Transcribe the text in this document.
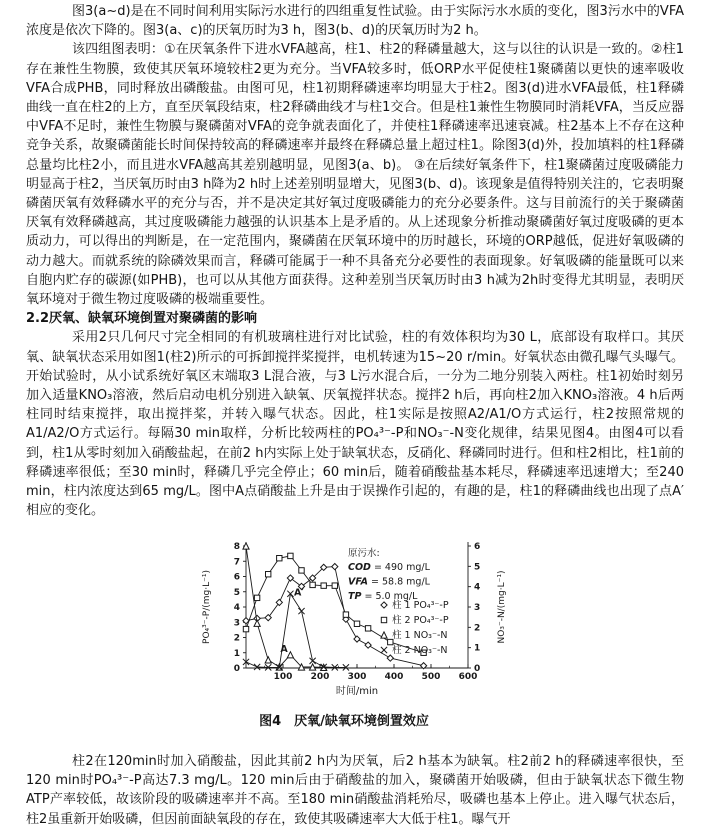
图3(a~d)是在不同时间利用实际污水进行的四组重复性试验。由于实际污水水质的变化，图3污水中的VFA浓度是依次下降的。图3(a、c)的厌氧历时为3 h，图3(b、d)的厌氧历时为2 h。

该四组图表明：①在厌氧条件下进水VFA越高，柱1、柱2的释磷量越大，这与以往的认识是一致的。②柱1存在兼性生物膜，致使其厌氧环境较柱2更为充分。当VFA较多时，低ORP水平促使柱1聚磷菌以更快的速率吸收VFA合成PHB，同时释放出磷酸盐。由图可见，柱1初期释磷速率均明显大于柱2。图3(d)进水VFA最低，柱1释磷曲线一直在柱2的上方，直至厌氧段结束，柱2释磷曲线才与柱1交合。但是柱1兼性生物膜同时消耗VFA，当反应器中VFA不足时，兼性生物膜与聚磷菌对VFA的竞争就表面化了，并使柱1释磷速率迅速衰减。柱2基本上不存在这种竞争关系，故聚磷菌能长时间保持较高的释磷速率并最终在释磷总量上超过柱1。除图3(d)外，投加填料的柱1释磷总量均比柱2小，而且进水VFA越高其差别越明显，见图3(a、b)。 ③在后续好氧条件下，柱1聚磷菌过度吸磷能力明显高于柱2，当厌氧历时由3 h降为2 h时上述差别明显增大，见图3(b、d)。该现象是值得特别关注的，它表明聚磷菌厌氧有效释磷水平的充分与否，并不是决定其好氧过度吸磷能力的充分必要条件。这与目前流行的关于聚磷菌厌氧有效释磷越高，其过度吸磷能力越强的认识基本上是矛盾的。从上述现象分析推动聚磷菌好氧过度吸磷的更本质动力，可以得出的判断是，在一定范围内，聚磷菌在厌氧环境中的历时越长，环境的ORP越低，促进好氧吸磷的动力越大。而就系统的除磷效果而言，释磷可能属于一种不具备充分必要性的表面现象。好氧吸磷的能量既可以来自胞内贮存的碳源(如PHB)，也可以从其他方面获得。这种差别当厌氧历时由3 h减为2h时变得尤其明显，表明厌氧环境对于微生物过度吸磷的极端重要性。

2.2厌氧、缺氧环境倒置对聚磷菌的影响

采用2只几何尺寸完全相同的有机玻璃柱进行对比试验，柱的有效体积均为30 L，底部设有取样口。其厌氧、缺氧状态采用如图1(柱2)所示的可拆卸搅拌桨搅拌，电机转速为15~20 r/min。好氧状态由微孔曝气头曝气。开始试验时，从小试系统好氧区末端取3 L混合液，与3 L污水混合后，一分为二地分别装入两柱。柱1初始时刻另加入适量KNO₃溶液，然后启动电机分别进入缺氧、厌氧搅拌状态。搅拌2 h后，再向柱2加入KNO₃溶液。4 h后两柱同时结束搅拌，取出搅拌桨，并转入曝气状态。因此，柱1实际是按照A2/A1/O方式运行，柱2按照常规的A1/A2/O方式运行。每隔30 min取样，分析比较两柱的PO₄³⁻-P和NO₃⁻-N变化规律，结果见图4。由图4可以看到，柱1从零时刻加入硝酸盐起，在前2 h内实际上处于缺氧状态，反硝化、释磷同时进行。但和柱2相比，柱1前的释磷速率很低；至30 min时，释磷几乎完全停止；60 min后，随着硝酸盐基本耗尽，释磷速率迅速增大；至240 min，柱内浓度达到65 mg/L。图中A点硝酸盐上升是由于误操作引起的，有趣的是，柱1的释磷曲线也出现了点A′相应的变化。

0
1
2
3
4
5
6
7
8
0
1
2
3
4
5
6
100 200 300 400 500 600
PO₄³⁻-P/(mg·L⁻¹)	NO₃⁻-N/(mg·L⁻¹)
时间/min
原污水:
COD = 490 mg/L
VFA = 58.8 mg/L
TP = 5.0 mg/L
柱 1 PO₄³⁻-P
柱 2 PO₄³⁻-P
柱 1 NO₃⁻-N
柱 2 NO₃⁻-N
A
A′
图4　厌氧/缺氧环境倒置效应

柱2在120min时加入硝酸盐，因此其前2 h内为厌氧，后2 h基本为缺氧。柱2前2 h的释磷速率很快，至120 min时PO₄³⁻-P高达7.3 mg/L。120 min后由于硝酸盐的加入，聚磷菌开始吸磷，但由于缺氧状态下微生物ATP产率较低，故该阶段的吸磷速率并不高。至180 min硝酸盐消耗殆尽，吸磷也基本上停止。进入曝气状态后，柱2虽重新开始吸磷，但因前面缺氧段的存在，致使其吸磷速率大大低于柱1。曝气开
